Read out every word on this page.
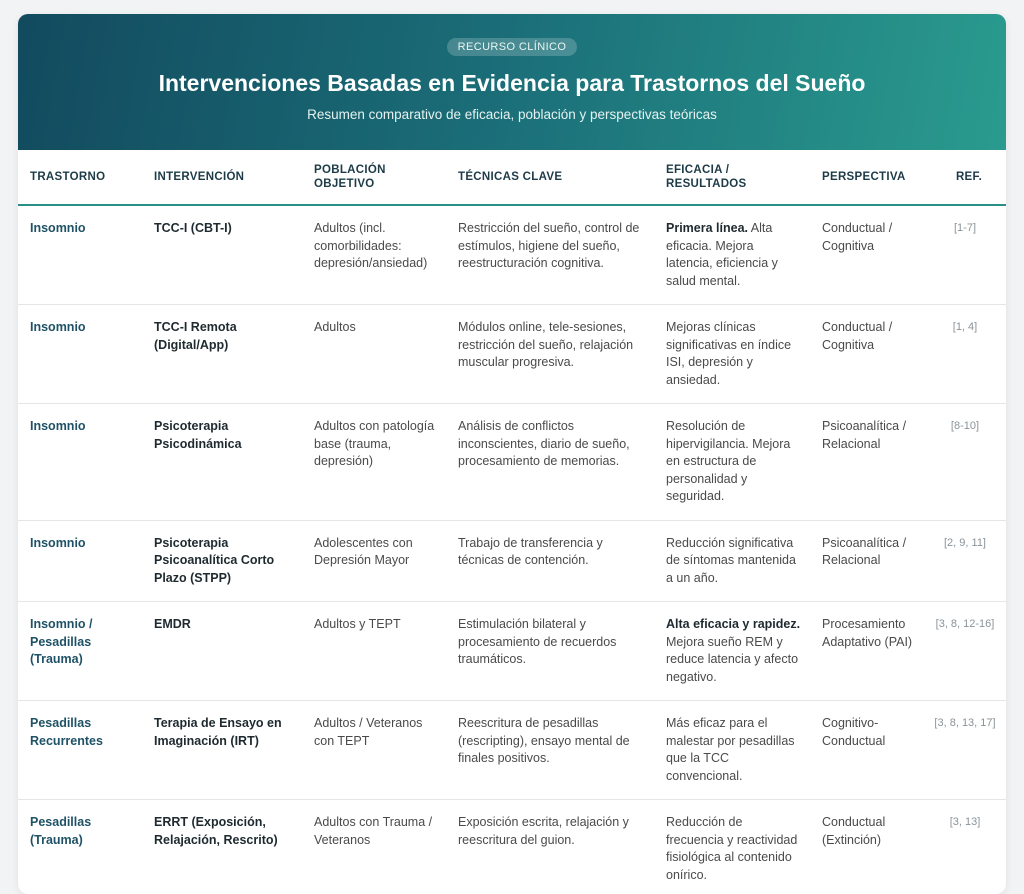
RECURSO CLÍNICO
Intervenciones Basadas en Evidencia para Trastornos del Sueño
Resumen comparativo de eficacia, población y perspectivas teóricas
TRASTORNO	INTERVENCIÓN	POBLACIÓN OBJETIVO	TÉCNICAS CLAVE	EFICACIA / RESULTADOS	PERSPECTIVA	REF.
Insomnio	TCC-I (CBT-I)	Adultos (incl. comorbilidades: depresión/ansiedad)	Restricción del sueño, control de estímulos, higiene del sueño, reestructuración cognitiva.	Primera línea. Alta eficacia. Mejora latencia, eficiencia y salud mental.	Conductual / Cognitiva	[1-7]
Insomnio	TCC-I Remota (Digital/App)	Adultos	Módulos online, tele-sesiones, restricción del sueño, relajación muscular progresiva.	Mejoras clínicas significativas en índice ISI, depresión y ansiedad.	Conductual / Cognitiva	[1, 4]
Insomnio	Psicoterapia Psicodinámica	Adultos con patología base (trauma, depresión)	Análisis de conflictos inconscientes, diario de sueño, procesamiento de memorias.	Resolución de hipervigilancia. Mejora en estructura de personalidad y seguridad.	Psicoanalítica / Relacional	[8-10]
Insomnio	Psicoterapia Psicoanalítica Corto Plazo (STPP)	Adolescentes con Depresión Mayor	Trabajo de transferencia y técnicas de contención.	Reducción significativa de síntomas mantenida a un año.	Psicoanalítica / Relacional	[2, 9, 11]
Insomnio / Pesadillas (Trauma)	EMDR	Adultos y TEPT	Estimulación bilateral y procesamiento de recuerdos traumáticos.	Alta eficacia y rapidez. Mejora sueño REM y reduce latencia y afecto negativo.	Procesamiento Adaptativo (PAI)	[3, 8, 12-16]
Pesadillas Recurrentes	Terapia de Ensayo en Imaginación (IRT)	Adultos / Veteranos con TEPT	Reescritura de pesadillas (rescripting), ensayo mental de finales positivos.	Más eficaz para el malestar por pesadillas que la TCC convencional.	Cognitivo-Conductual	[3, 8, 13, 17]
Pesadillas (Trauma)	ERRT (Exposición, Relajación, Rescrito)	Adultos con Trauma / Veteranos	Exposición escrita, relajación y reescritura del guion.	Reducción de frecuencia y reactividad fisiológica al contenido onírico.	Conductual (Extinción)	[3, 13]
